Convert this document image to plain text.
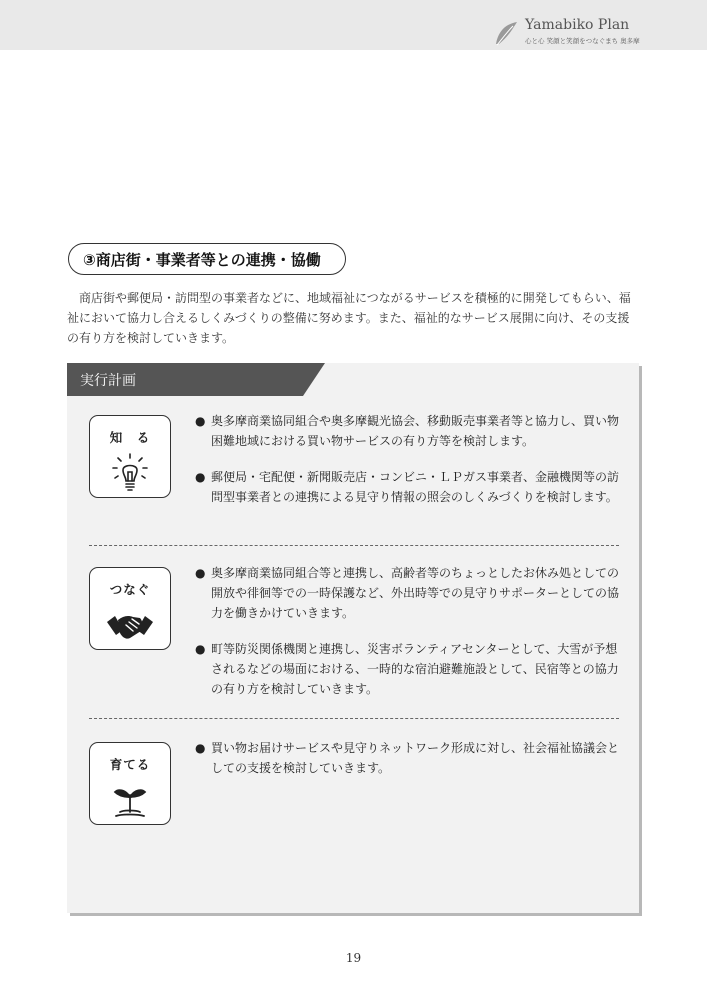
Yamabiko Plan
心と心 笑顔と笑顔をつなぐまち 奥多摩
③商店街・事業者等との連携・協働

商店街や郵便局・訪問型の事業者などに、地域福祉につながるサービスを積極的に開発してもらい、福祉において協力し合えるしくみづくりの整備に努めます。また、福祉的なサービス展開に向け、その支援の有り方を検討していきます。

実行計画
知　る

● 奥多摩商業協同組合や奥多摩観光協会、移動販売事業者等と協力し、買い物困難地域における買い物サービスの有り方等を検討します。

● 郵便局・宅配便・新聞販売店・コンビニ・ＬＰガス事業者、金融機関等の訪問型事業者との連携による見守り情報の照会のしくみづくりを検討します。

つなぐ

● 奥多摩商業協同組合等と連携し、高齢者等のちょっとしたお休み処としての開放や徘徊等での一時保護など、外出時等での見守りサポーターとしての協力を働きかけていきます。

● 町等防災関係機関と連携し、災害ボランティアセンターとして、大雪が予想されるなどの場面における、一時的な宿泊避難施設として、民宿等との協力の有り方を検討していきます。

育てる

● 買い物お届けサービスや見守りネットワーク形成に対し、社会福祉協議会としての支援を検討していきます。

19
